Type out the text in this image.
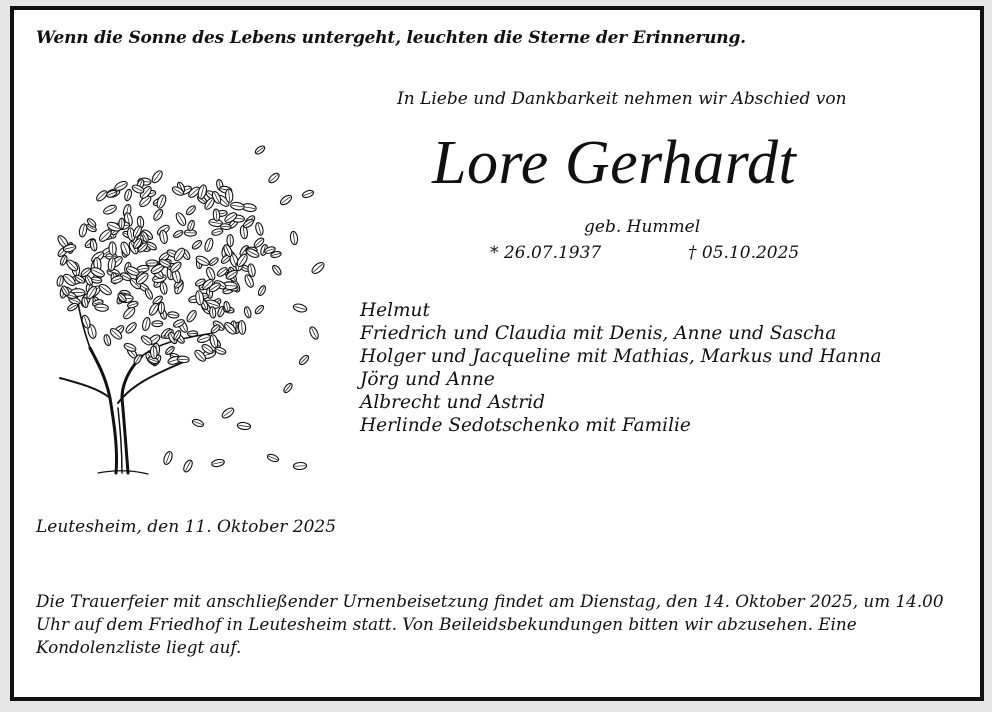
Wenn die Sonne des Lebens untergeht, leuchten die Sterne der Erinnerung.
In Liebe und Dankbarkeit nehmen wir Abschied von
Lore Gerhardt
geb. Hummel
* 26.07.1937	† 05.10.2025
Helmut
Friedrich und Claudia mit Denis, Anne und Sascha
Holger und Jacqueline mit Mathias, Markus und Hanna
Jörg und Anne
Albrecht und Astrid
Herlinde Sedotschenko mit Familie
Leutesheim, den 11. Oktober 2025

Die Trauerfeier mit anschließender Urnenbeisetzung findet am Dienstag, den 14. Oktober 2025, um 14.00 Uhr auf dem Friedhof in Leutesheim statt. Von Beileidsbekundungen bitten wir abzusehen. Eine Kondolenzliste liegt auf.
